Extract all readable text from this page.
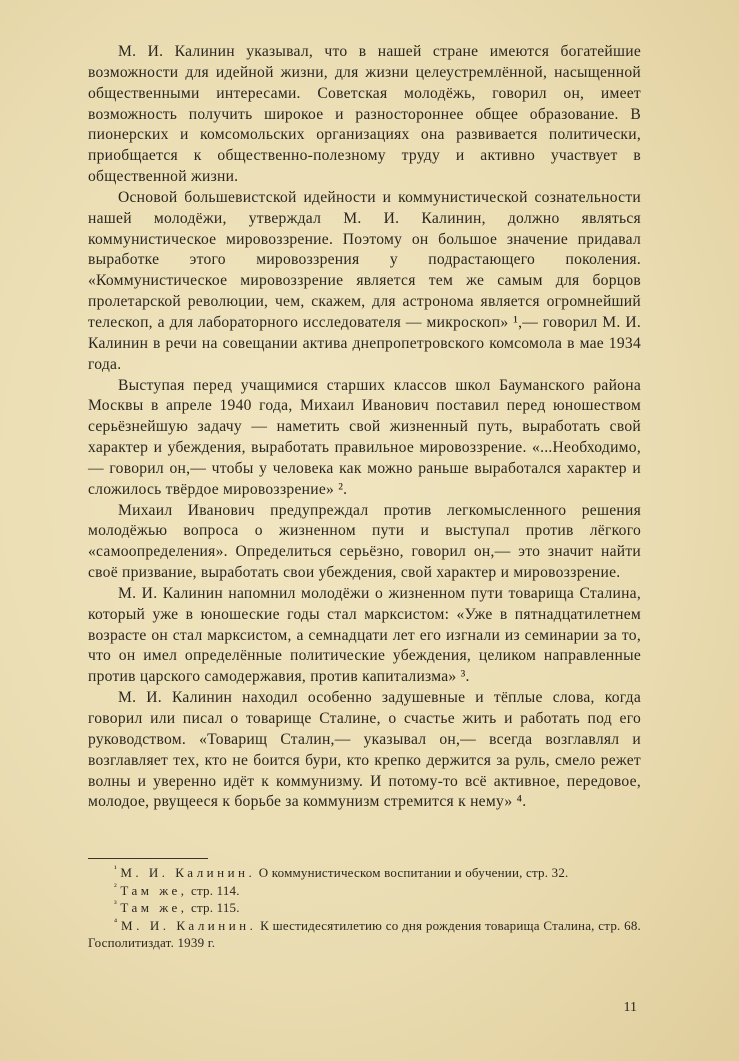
М. И. Калинин указывал, что в нашей стране имеются богатейшие возможности для идейной жизни, для жизни целеустремлённой, насыщенной общественными интересами. Советская молодёжь, говорил он, имеет возможность получить широкое и разностороннее общее образование. В пионерских и комсомольских организациях она развивается политически, приобщается к общественно-полезному труду и активно участвует в общественной жизни.

Основой большевистской идейности и коммунистической сознательности нашей молодёжи, утверждал М. И. Калинин, должно являться коммунистическое мировоззрение. Поэтому он большое значение придавал выработке этого мировоззрения у подрастающего поколения. «Коммунистическое мировоззрение является тем же самым для борцов пролетарской революции, чем, скажем, для астронома является огромнейший телескоп, а для лабораторного исследователя — микроскоп» ¹,— говорил М. И. Калинин в речи на совещании актива днепропетровского комсомола в мае 1934 года.

Выступая перед учащимися старших классов школ Бауманского района Москвы в апреле 1940 года, Михаил Иванович поставил перед юношеством серьёзнейшую задачу — наметить свой жизненный путь, выработать свой характер и убеждения, выработать правильное мировоззрение. «...Необходимо,— говорил он,— чтобы у человека как можно раньше выработался характер и сложилось твёрдое мировоззрение» ².

Михаил Иванович предупреждал против легкомысленного решения молодёжью вопроса о жизненном пути и выступал против лёгкого «самоопределения». Определиться серьёзно, говорил он,— это значит найти своё призвание, выработать свои убеждения, свой характер и мировоззрение.

М. И. Калинин напомнил молодёжи о жизненном пути товарища Сталина, который уже в юношеские годы стал марксистом: «Уже в пятнадцатилетнем возрасте он стал марксистом, а семнадцати лет его изгнали из семинарии за то, что он имел определённые политические убеждения, целиком направленные против царского самодержавия, против капитализма» ³.

М. И. Калинин находил особенно задушевные и тёплые слова, когда говорил или писал о товарище Сталине, о счастье жить и работать под его руководством. «Товарищ Сталин,— указывал он,— всегда возглавлял и возглавляет тех, кто не боится бури, кто крепко держится за руль, смело режет волны и уверенно идёт к коммунизму. И потому-то всё активное, передовое, молодое, рвущееся к борьбе за коммунизм стремится к нему» ⁴.

$^{^1}$ М. И. Калинин. О коммунистическом воспитании и обучении, стр. 32.

$^{^2}$ Там же, стр. 114.

$^{^3}$ Там же, стр. 115.

$^{^4}$ М. И. Калинин. К шестидесятилетию со дня рождения товарища Сталина, стр. 68. Госполитиздат. 1939 г.

11
